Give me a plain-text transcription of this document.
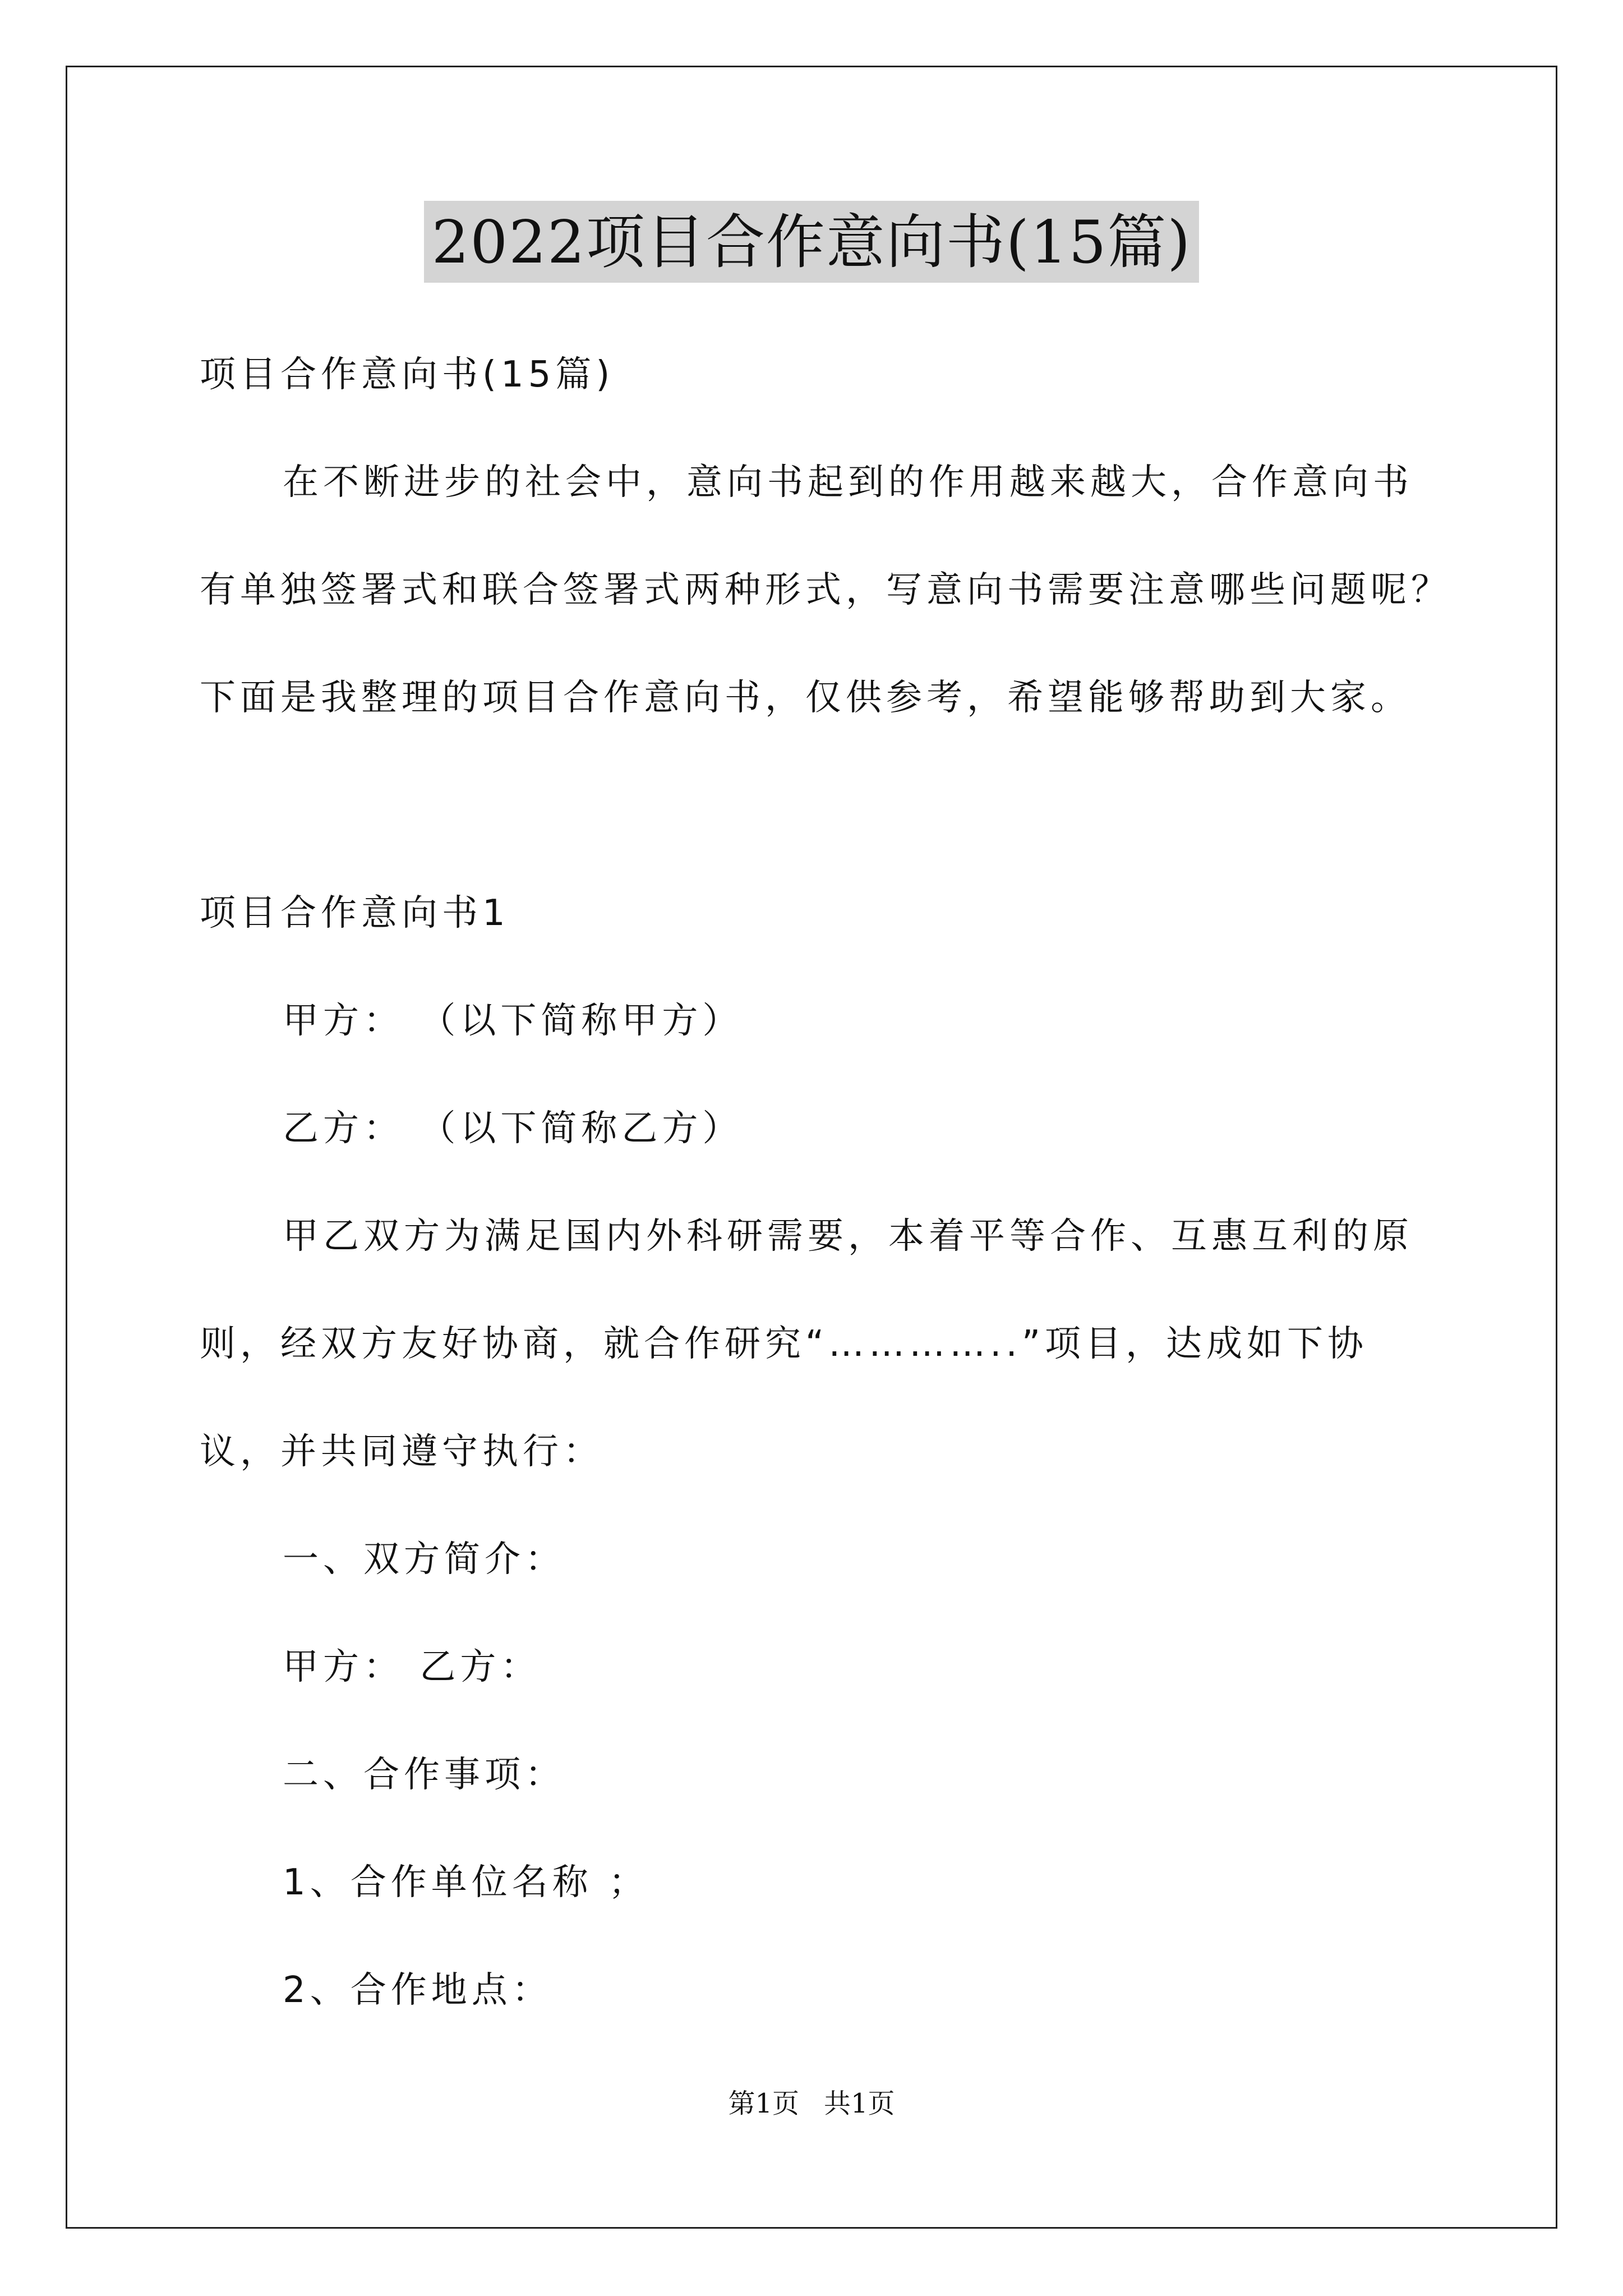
2022项目合作意向书(15篇)
项目合作意向书(15篇)
在不断进步的社会中，意向书起到的作用越来越大，合作意向书
有单独签署式和联合签署式两种形式，写意向书需要注意哪些问题呢？
下面是我整理的项目合作意向书，仅供参考，希望能够帮助到大家。
项目合作意向书1
甲方： （以下简称甲方）
乙方： （以下简称乙方）
甲乙双方为满足国内外科研需要，本着平等合作、互惠互利的原
则，经双方友好协商，就合作研究“…………..”项目，达成如下协
议，并共同遵守执行：
一、双方简介：
甲方： 乙方：
二、合作事项：
1、合作单位名称 ；
2、合作地点：
第1页 共1页
